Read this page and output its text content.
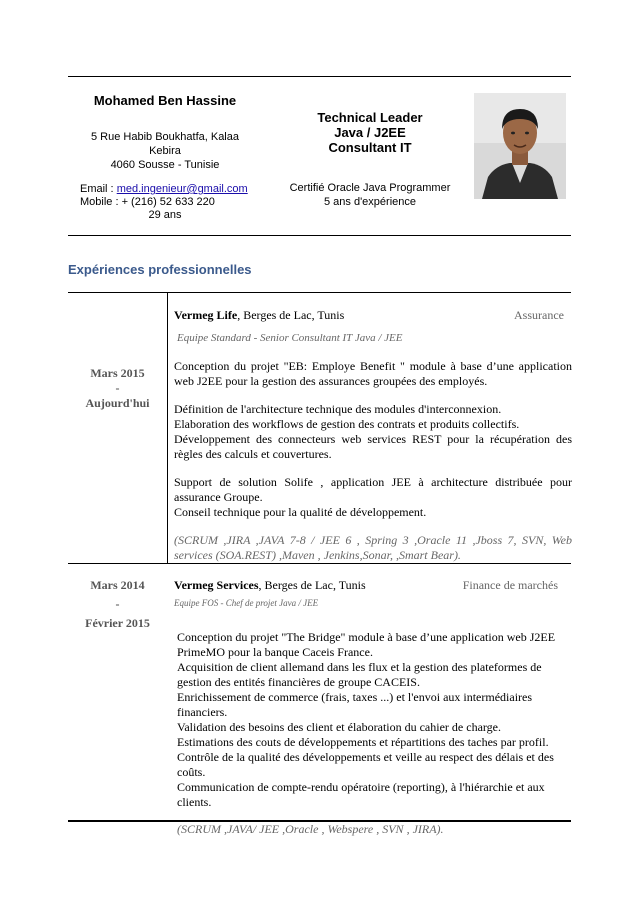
Mohamed Ben Hassine
5 Rue Habib Boukhatfa, Kalaa
Kebira
4060 Sousse - Tunisie
Email : med.ingenieur@gmail.com
Mobile : + (216) 52 633 220
29 ans
Technical Leader
Java / J2EE
Consultant IT
Certifié Oracle Java Programmer
5 ans d'expérience
Expériences professionnelles
Mars 2015
-
Aujourd'hui
Vermeg Life, Berges de Lac, Tunis	Assurance
Equipe Standard - Senior Consultant IT Java / JEE
Conception du projet "EB: Employe Benefit " module à base d’une application web J2EE pour la gestion des assurances groupées des employés.
Définition de l'architecture technique des modules d'interconnexion.
Elaboration des workflows de gestion des contrats et produits collectifs.
Développement des connecteurs web services REST pour la récupération des règles des calculs et couvertures.
Support de solution Solife , application JEE à architecture distribuée pour assurance Groupe.
Conseil technique pour la qualité de développement.
(SCRUM ,JIRA ,JAVA 7-8 / JEE 6 , Spring 3 ,Oracle 11 ,Jboss 7, SVN, Web services (SOA.REST) ,Maven , Jenkins,Sonar, ,Smart Bear).
Mars 2014
-
Février 2015
Vermeg Services, Berges de Lac, Tunis	Finance de marchés
Equipe FOS - Chef de projet Java / JEE
Conception du projet "The Bridge" module à base d’une application web J2EE PrimeMO pour la banque Caceis France.
Acquisition de client allemand dans les flux et la gestion des plateformes de gestion des entités financières de groupe CACEIS.
Enrichissement de commerce (frais, taxes ...) et l'envoi aux intermédiaires financiers.
Validation des besoins des client et élaboration du cahier de charge.
Estimations des couts de développements et répartitions des taches par profil.
Contrôle de la qualité des développements et veille au respect des délais et des coûts.
Communication de compte-rendu opératoire (reporting), à l'hiérarchie et aux clients.
(SCRUM ,JAVA/ JEE ,Oracle , Webspere , SVN , JIRA).
